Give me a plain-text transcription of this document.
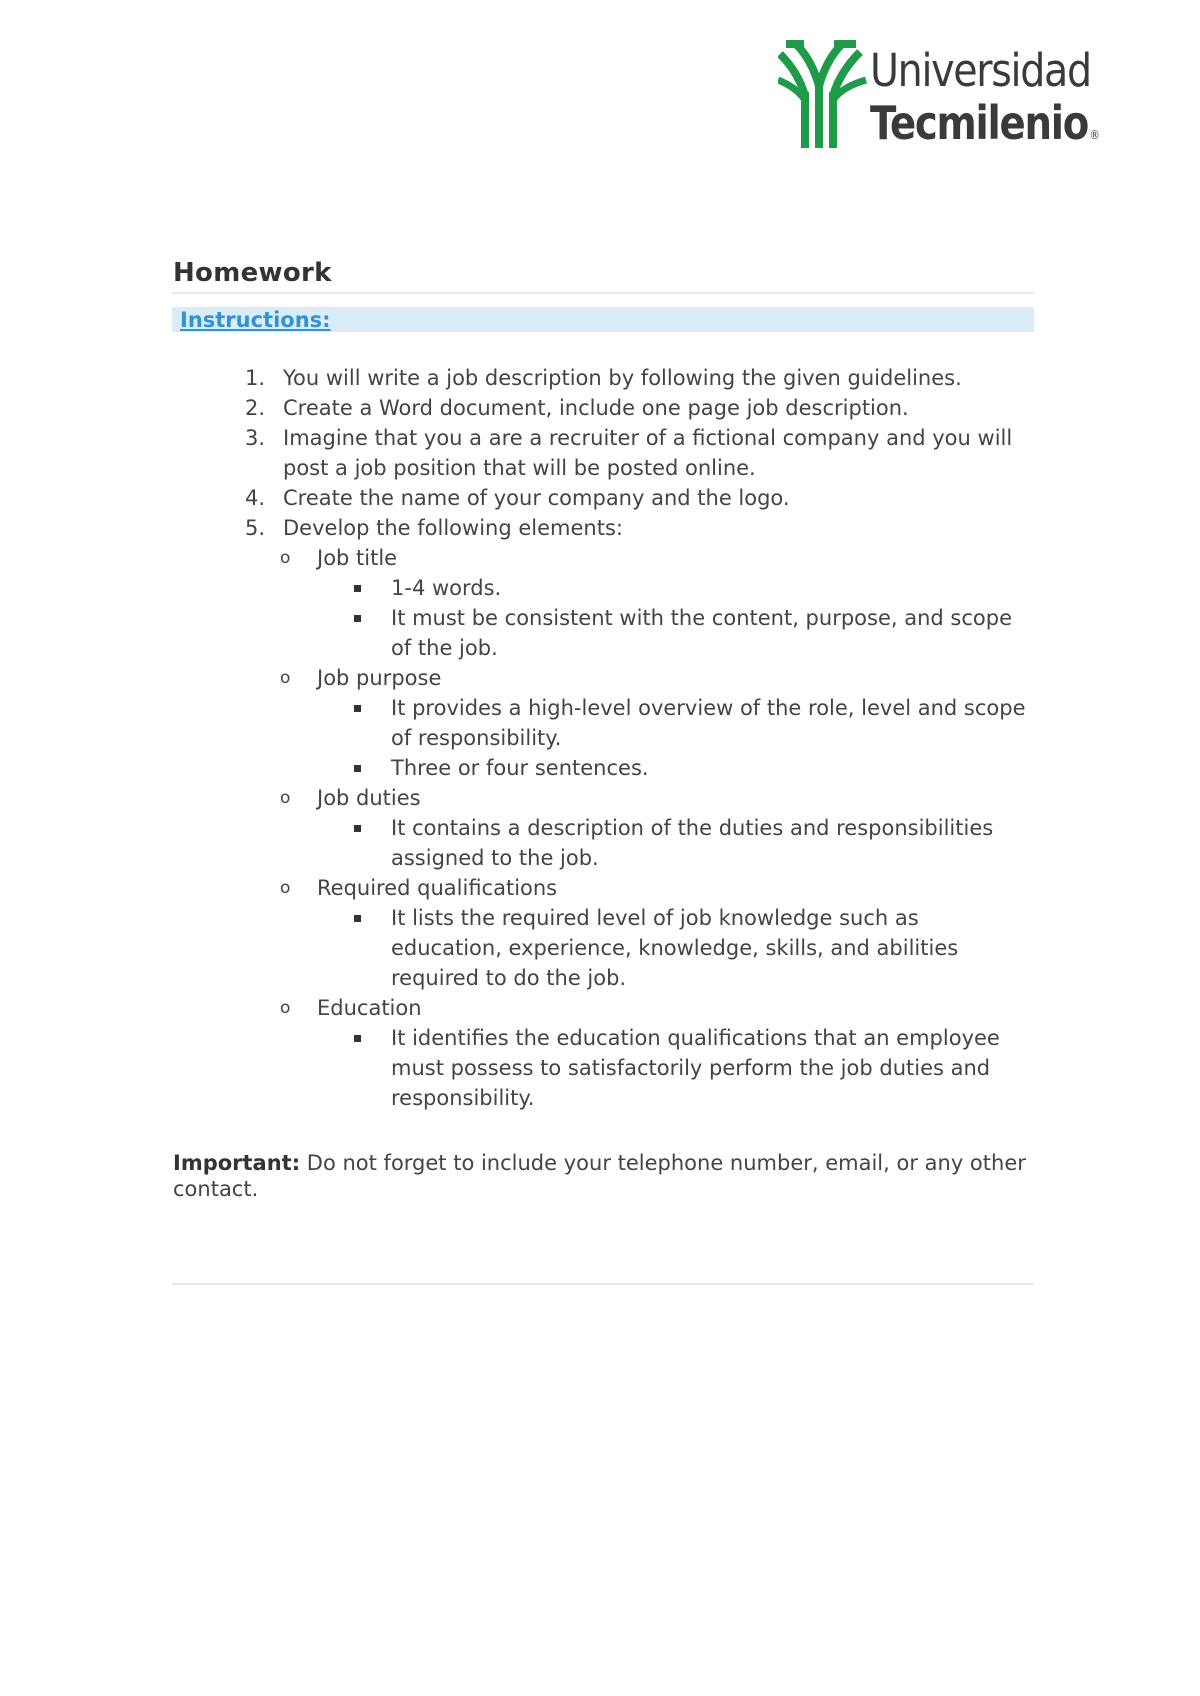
Universidad
Tecmilenio ®
Homework
Instructions:
1. You will write a job description by following the given guidelines.
2. Create a Word document, include one page job description.
3. Imagine that you a are a recruiter of a fictional company and you will post a job position that will be posted online.
4. Create the name of your company and the logo.
5. Develop the following elements:
o Job title
1-4 words.
It must be consistent with the content, purpose, and scope of the job.
o Job purpose
It provides a high-level overview of the role, level and scope of responsibility.
Three or four sentences.
o Job duties
It contains a description of the duties and responsibilities assigned to the job.
o Required qualifications
It lists the required level of job knowledge such as education, experience, knowledge, skills, and abilities required to do the job.
o Education
It identifies the education qualifications that an employee must possess to satisfactorily perform the job duties and responsibility.
Important: Do not forget to include your telephone number, email, or any other contact.
